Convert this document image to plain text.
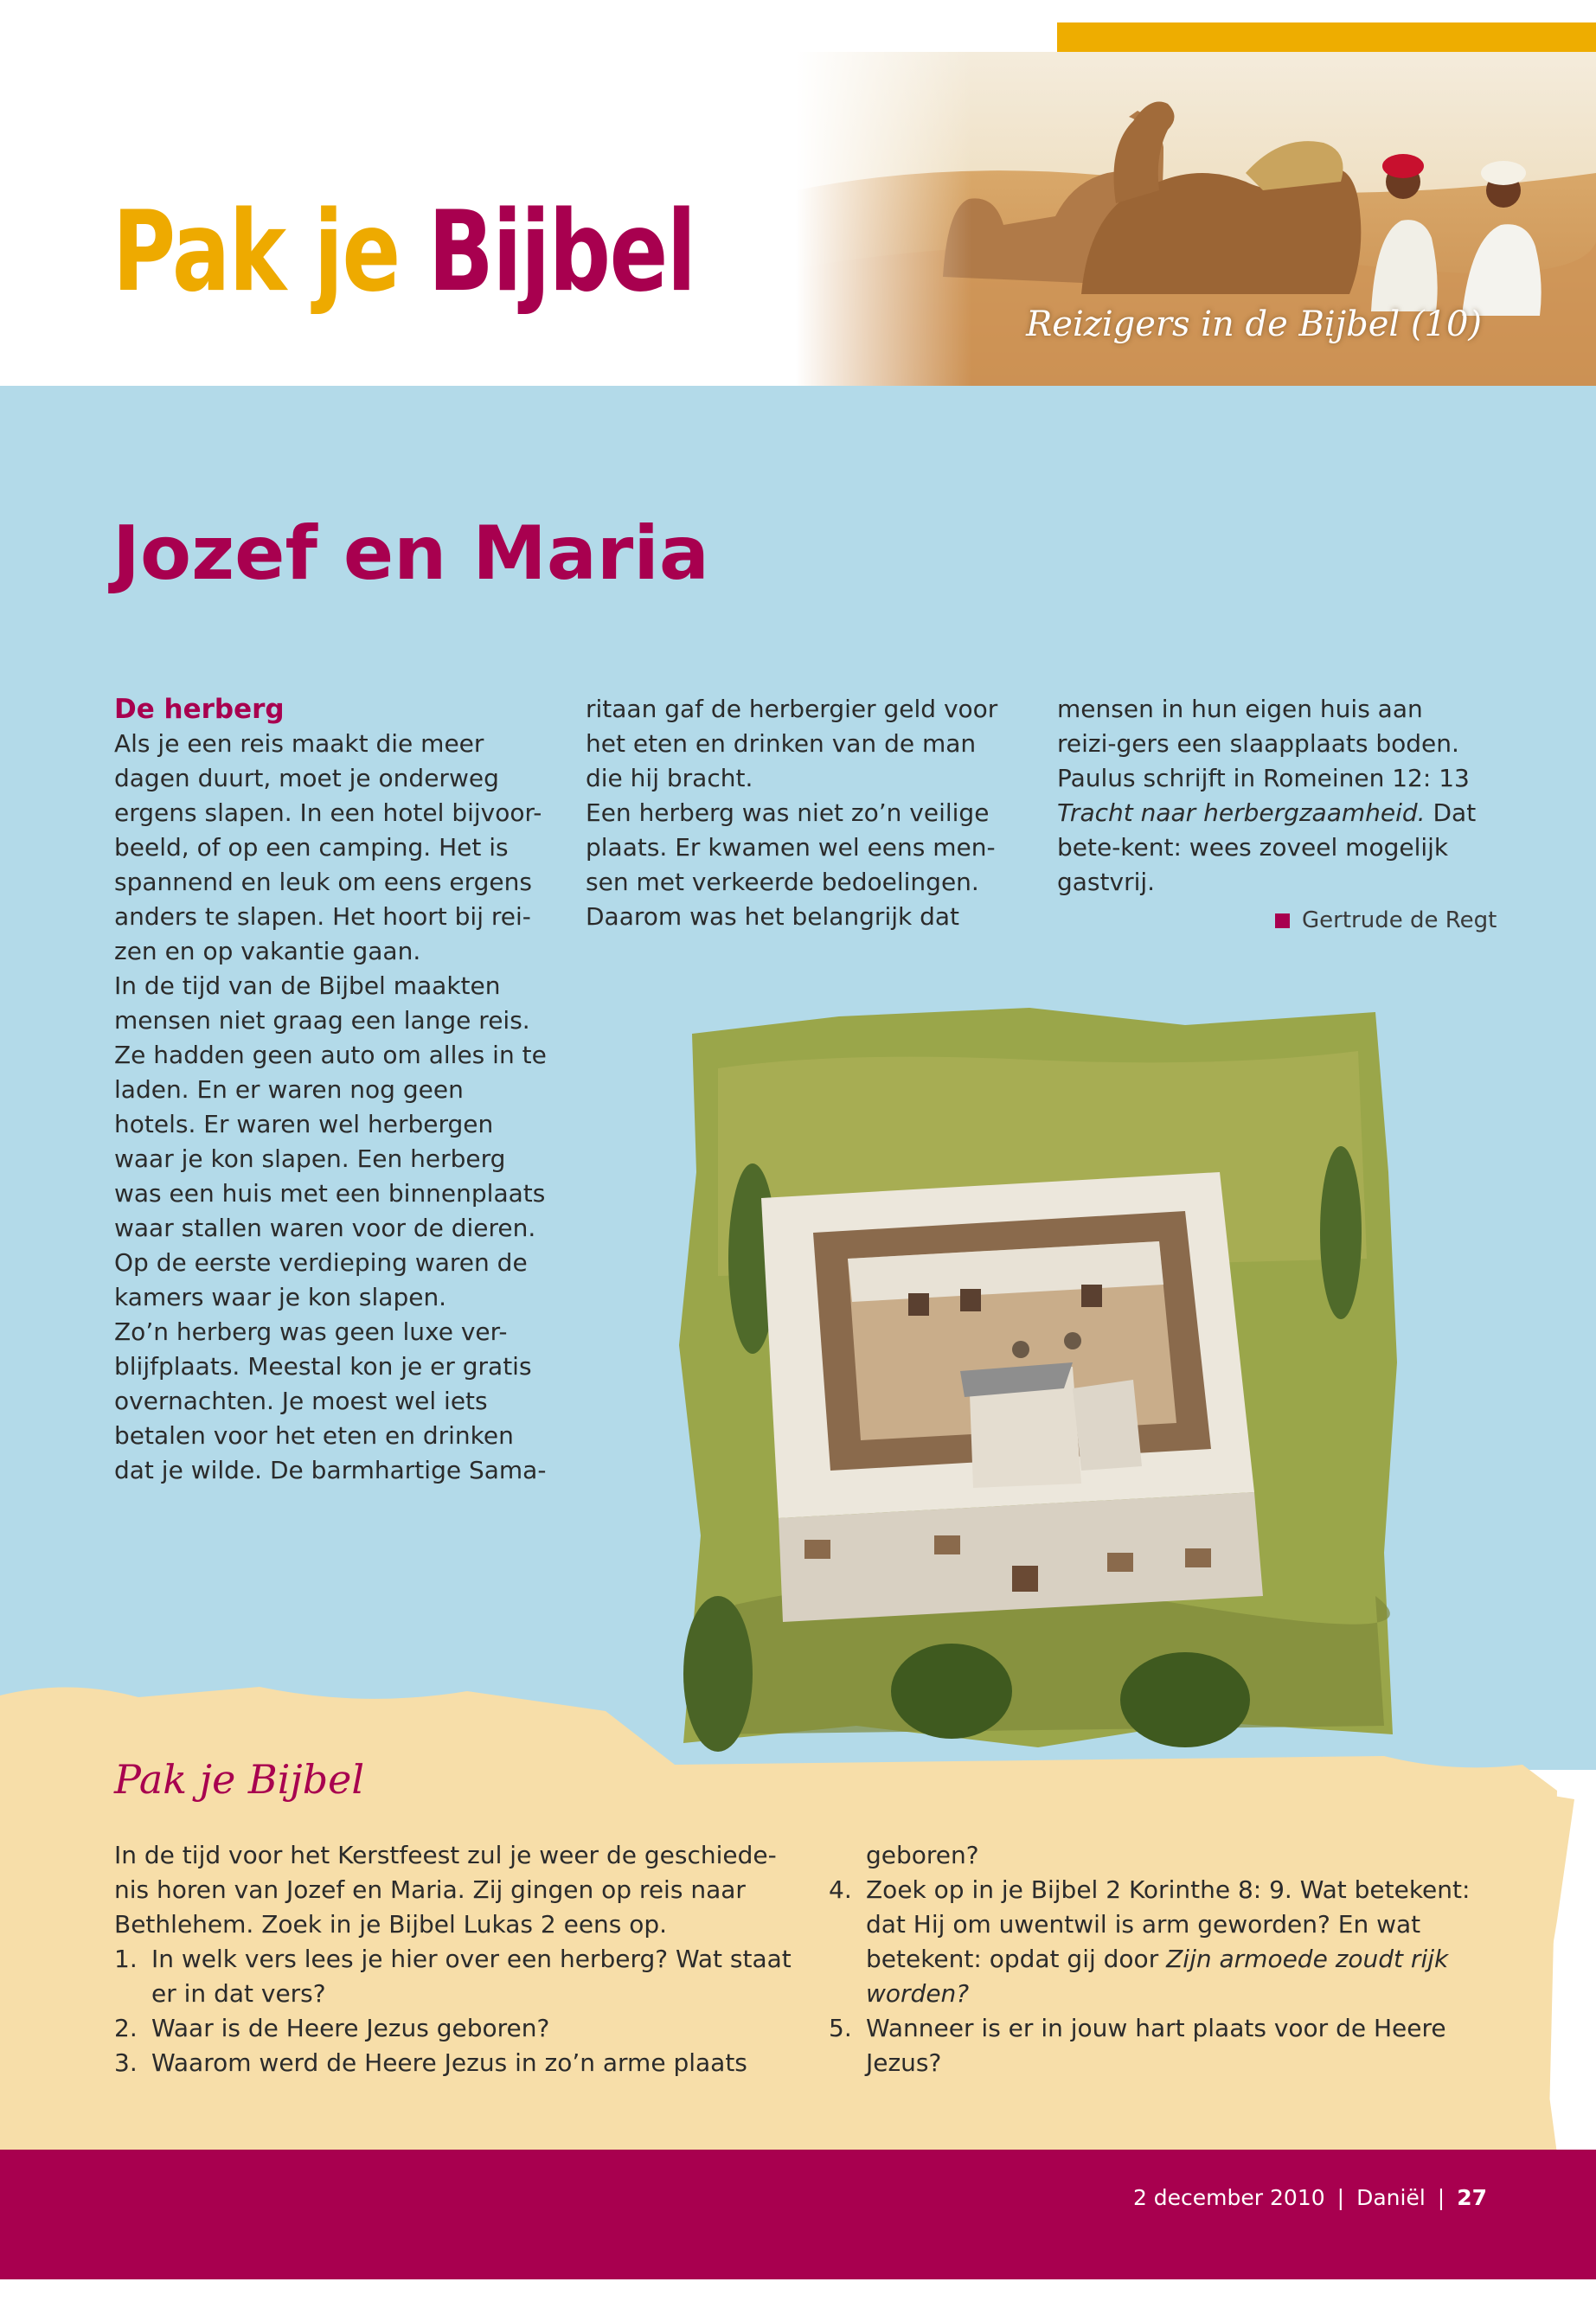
Pak je Bijbel
Reizigers in de Bijbel (10)
Jozef en Maria

De herberg

Als je een reis maakt die meer dagen duurt, moet je onderweg ergens slapen. In een hotel bijvoor-beeld, of op een camping. Het is spannend en leuk om eens ergens anders te slapen. Het hoort bij rei-zen en op vakantie gaan.

In de tijd van de Bijbel maakten mensen niet graag een lange reis. Ze hadden geen auto om alles in te laden. En er waren nog geen hotels. Er waren wel herbergen waar je kon slapen. Een herberg was een huis met een binnenplaats waar stallen waren voor de dieren. Op de eerste verdieping waren de kamers waar je kon slapen.

Zo’n herberg was geen luxe ver-blijfplaats. Meestal kon je er gratis overnachten. Je moest wel iets betalen voor het eten en drinken dat je wilde. De barmhartige Sama-

ritaan gaf de herbergier geld voor het eten en drinken van de man die hij bracht.

Een herberg was niet zo’n veilige plaats. Er kwamen wel eens men-sen met verkeerde bedoelingen. Daarom was het belangrijk dat

mensen in hun eigen huis aan reizi-gers een slaapplaats boden. Paulus schrijft in Romeinen 12: 13 Tracht naar herbergzaamheid. Dat bete-kent: wees zoveel mogelijk gastvrij.

Gertrude de Regt
Pak je Bijbel

In de tijd voor het Kerstfeest zul je weer de geschiede-nis horen van Jozef en Maria. Zij gingen op reis naar Bethlehem. Zoek in je Bijbel Lukas 2 eens op.

1. In welk vers lees je hier over een herberg? Wat staat er in dat vers?
2. Waar is de Heere Jezus geboren?
3. Waarom werd de Heere Jezus in zo’n arme plaats
geboren?
4. Zoek op in je Bijbel 2 Korinthe 8: 9. Wat betekent: dat Hij om uwentwil is arm geworden? En wat betekent: opdat gij door Zijn armoede zoudt rijk worden?
5. Wanneer is er in jouw hart plaats voor de Heere Jezus?
2 december 2010 | Daniël | 27
